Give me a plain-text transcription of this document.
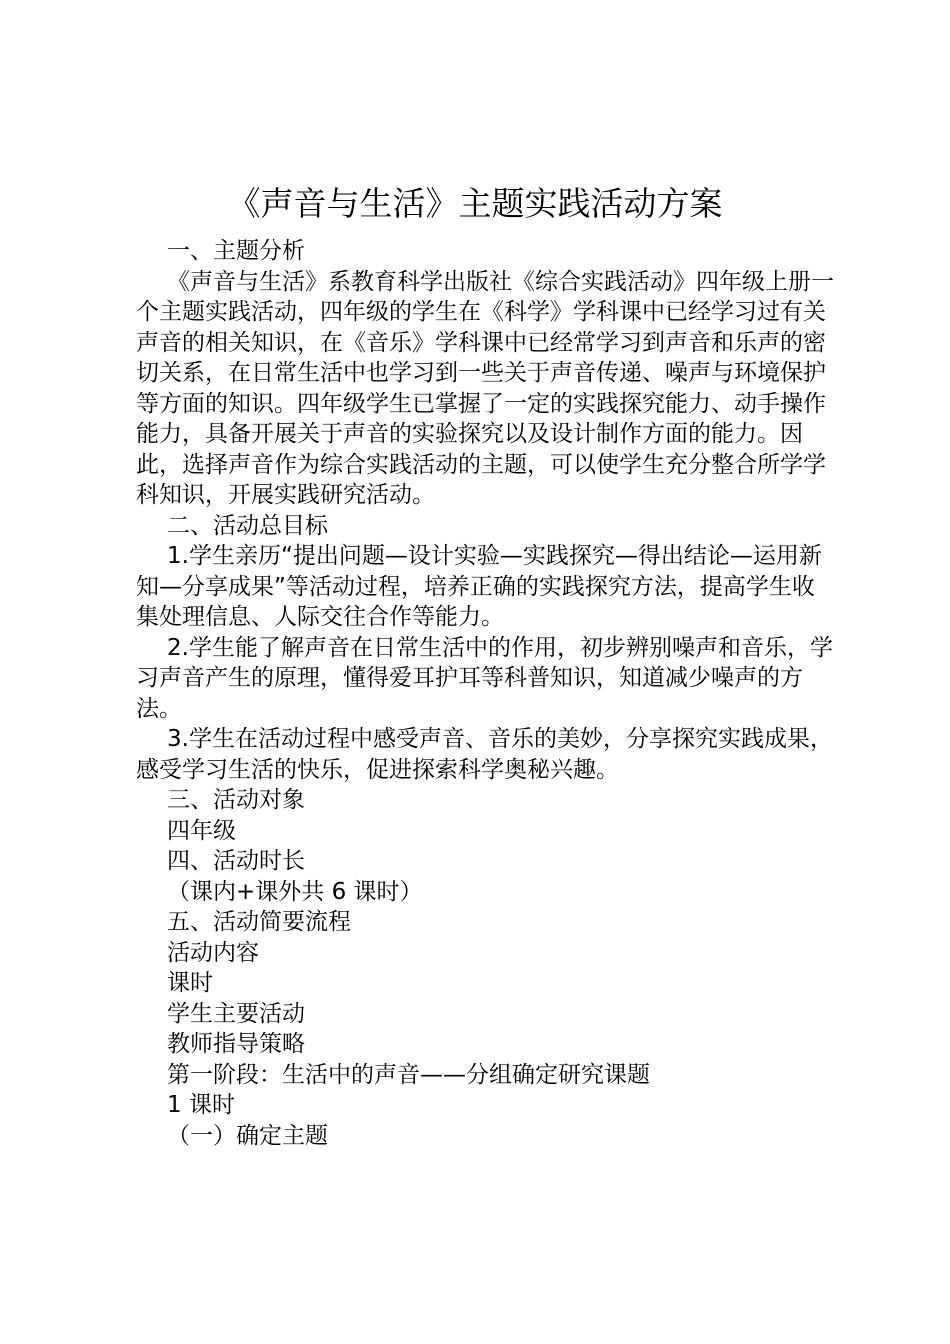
《声音与生活》主题实践活动方案

一、主题分析

《声音与生活》系教育科学出版社《综合实践活动》四年级上册一个主题实践活动，四年级的学生在《科学》学科课中已经学习过有关声音的相关知识，在《音乐》学科课中已经常学习到声音和乐声的密切关系，在日常生活中也学习到一些关于声音传递、噪声与环境保护等方面的知识。四年级学生已掌握了一定的实践探究能力、动手操作能力，具备开展关于声音的实验探究以及设计制作方面的能力。因此，选择声音作为综合实践活动的主题，可以使学生充分整合所学学科知识，开展实践研究活动。

二、活动总目标

1.学生亲历“提出问题—设计实验—实践探究—得出结论—运用新知—分享成果”等活动过程，培养正确的实践探究方法，提高学生收集处理信息、人际交往合作等能力。

2.学生能了解声音在日常生活中的作用，初步辨别噪声和音乐，学习声音产生的原理，懂得爱耳护耳等科普知识，知道减少噪声的方法。

3.学生在活动过程中感受声音、音乐的美妙，分享探究实践成果，感受学习生活的快乐，促进探索科学奥秘兴趣。

三、活动对象

四年级

四、活动时长

（课内+课外共 6 课时）

五、活动简要流程

活动内容

课时

学生主要活动

教师指导策略

第一阶段：生活中的声音——分组确定研究课题

1 课时

（一）确定主题
